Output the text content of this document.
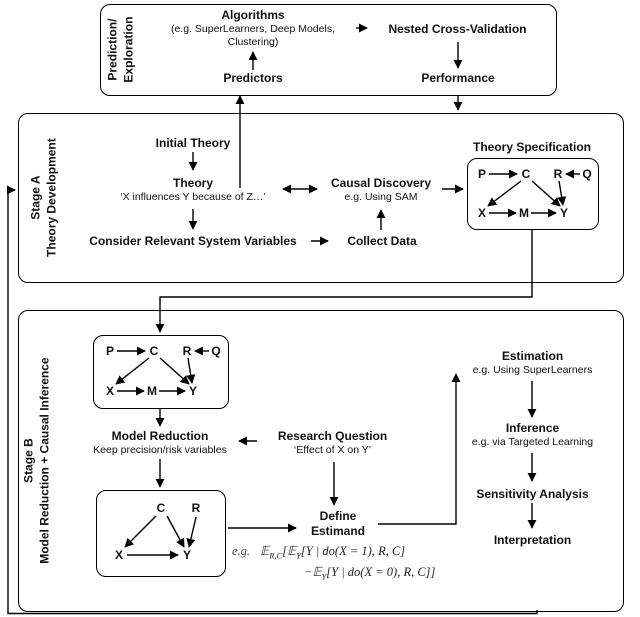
Prediction/ Exploration
Algorithms
(e.g. SuperLearners, Deep Models,
Clustering)
Nested Cross-Validation
Predictors	Performance
Stage A Theory Development	Initial Theory
Theory
‘X influences Y because of Z…’
Consider Relevant System Variables	Collect Data
Causal Discovery
e.g. Using SAM
Theory Specification
P	C R Q
X	M	Y
Stage B Model Reduction + Causal Inference
P	C R Q
X	M	Y
Model Reduction
Keep precision/risk variables
Research Question
‘Effect of X on Y’
C R
X	Y
Define
Estimand
e.g. 𝔼$_{R,C}$[𝔼$_Y$[Y | do(X = 1), R, C]
−𝔼$_Y$[Y | do(X = 0), R, C]]
Estimation
e.g. Using SuperLearners
Inference
e.g. via Targeted Learning
Sensitivity Analysis
Interpretation
